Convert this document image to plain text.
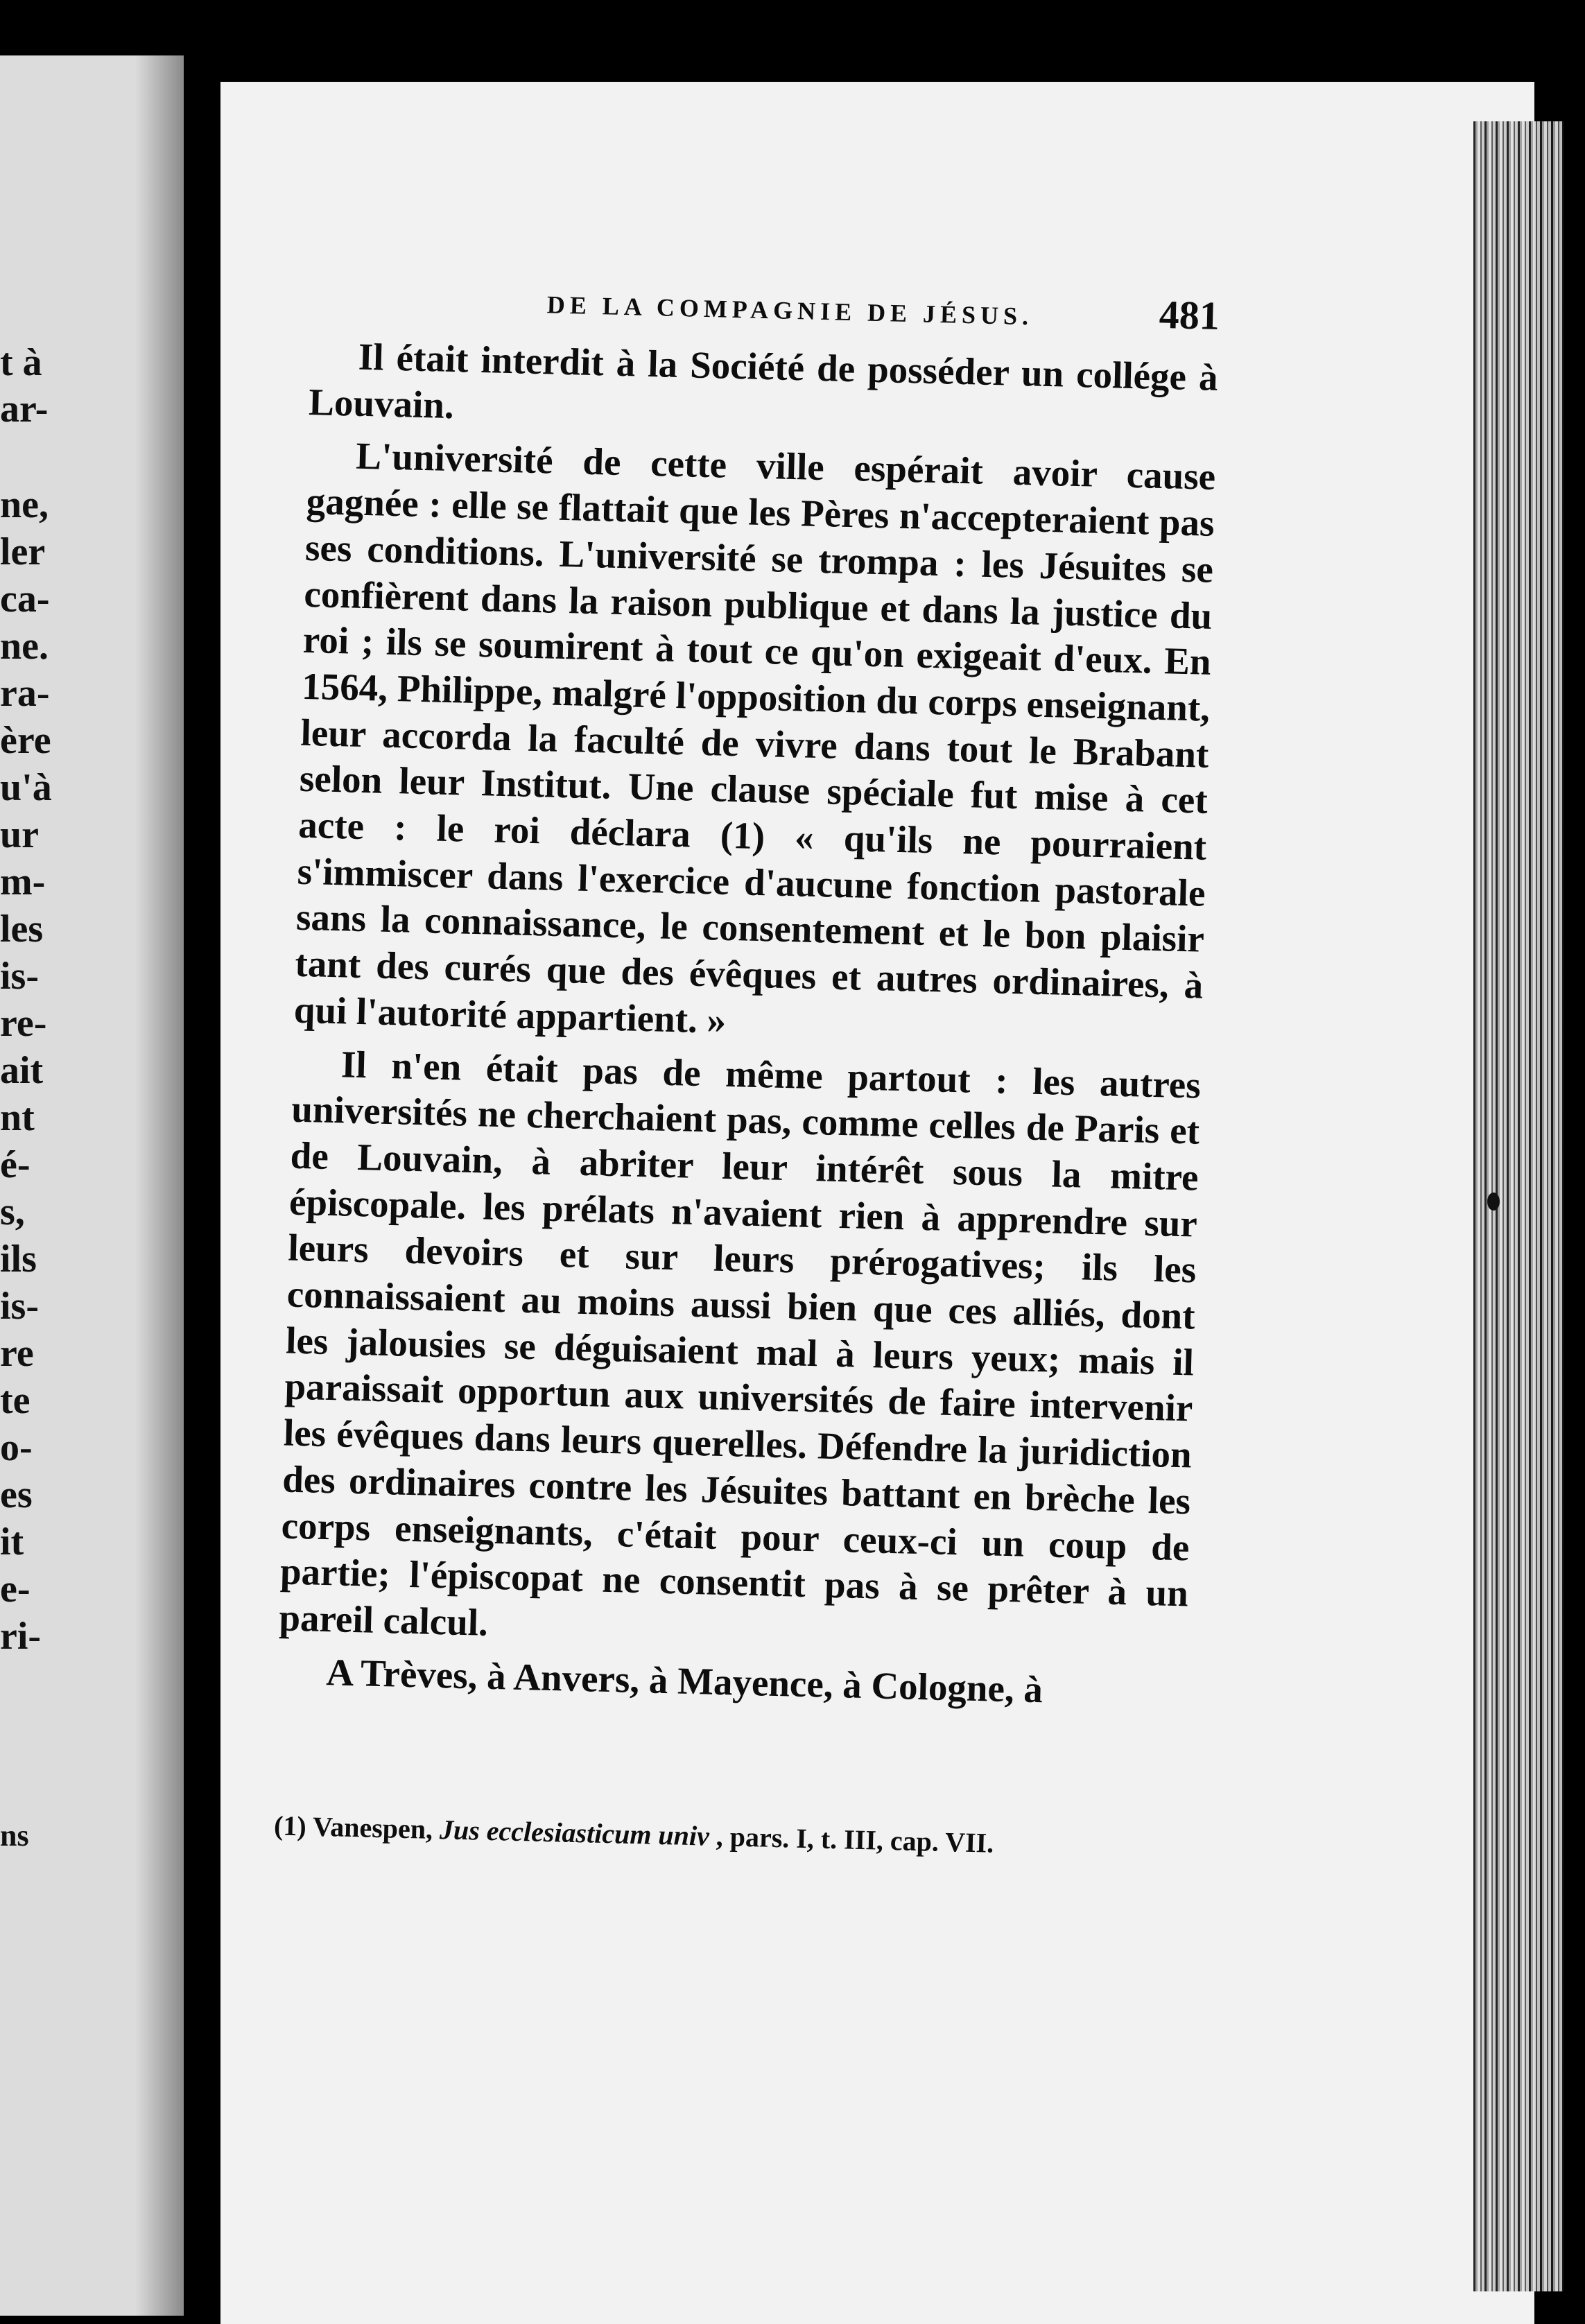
t à
ar-
ne,
ler
ca-
ne.
ra-
ère
u'à
ur
m-
les
is-
re-
ait
nt
é-
s,
ils
is-
re
te
o-
es
it
e-
ri-
ns
DE LA COMPAGNIE DE JÉSUS.	481

Il était interdit à la Société de posséder un collége à Louvain.

L'université de cette ville espérait avoir cause gagnée : elle se flattait que les Pères n'accepteraient pas ses conditions. L'université se trompa : les Jésuites se confièrent dans la raison publique et dans la justice du roi ; ils se soumirent à tout ce qu'on exigeait d'eux. En 1564, Philippe, malgré l'opposition du corps enseignant, leur accorda la faculté de vivre dans tout le Brabant selon leur Institut. Une clause spéciale fut mise à cet acte : le roi déclara (1) « qu'ils ne pourraient s'immiscer dans l'exercice d'aucune fonction pastorale sans la connaissance, le consentement et le bon plaisir tant des curés que des évêques et autres ordinaires, à qui l'autorité appartient. »

Il n'en était pas de même partout : les autres universités ne cherchaient pas, comme celles de Paris et de Louvain, à abriter leur intérêt sous la mitre épiscopale. les prélats n'avaient rien à apprendre sur leurs devoirs et sur leurs prérogatives; ils les connaissaient au moins aussi bien que ces alliés, dont les jalousies se déguisaient mal à leurs yeux; mais il paraissait opportun aux universités de faire intervenir les évêques dans leurs querelles. Défendre la juridiction des ordinaires contre les Jésuites battant en brèche les corps enseignants, c'était pour ceux-ci un coup de partie; l'épiscopat ne consentit pas à se prêter à un pareil calcul.

A Trèves, à Anvers, à Mayence, à Cologne, à

(1) Vanespen, Jus ecclesiasticum univ , pars. I, t. III, cap. VII.
